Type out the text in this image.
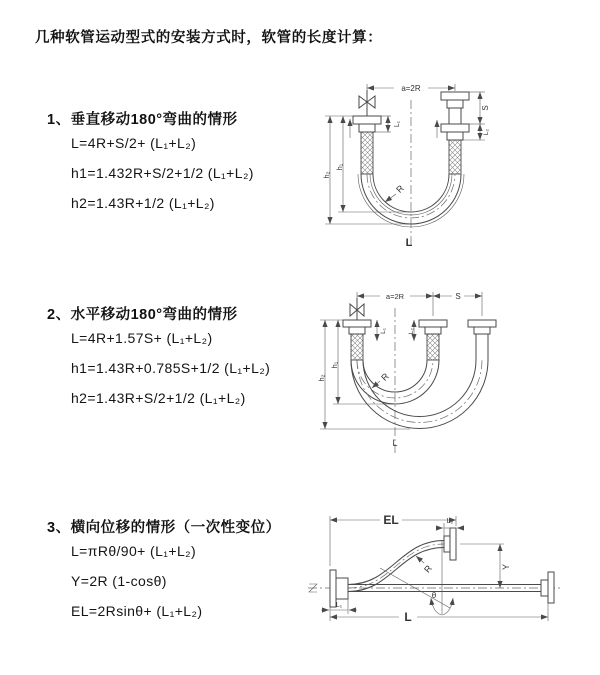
几种软管运动型式的安装方式时，软管的长度计算：
1、垂直移动180°弯曲的情形
L=4R+S/2+ (L₁+L₂)
h1=1.432R+S/2+1/2 (L₁+L₂)
h2=1.43R+1/2 (L₁+L₂)
2、水平移动180°弯曲的情形
L=4R+1.57S+ (L₁+L₂)
h1=1.43R+0.785S+1/2 (L₁+L₂)
h2=1.43R+S/2+1/2 (L₁+L₂)
3、横向位移的情形（一次性变位）
L=πRθ/90+ (L₁+L₂)
Y=2R (1-cosθ)
EL=2Rsinθ+ (L₁+L₂)
a=2R
L₁
S
L₂
h₁
h₂
R
L
a=2R	S
L₁	L₂
h₁
h₂	R
L
EL	L₂
Y
θ
R
L₁
L
